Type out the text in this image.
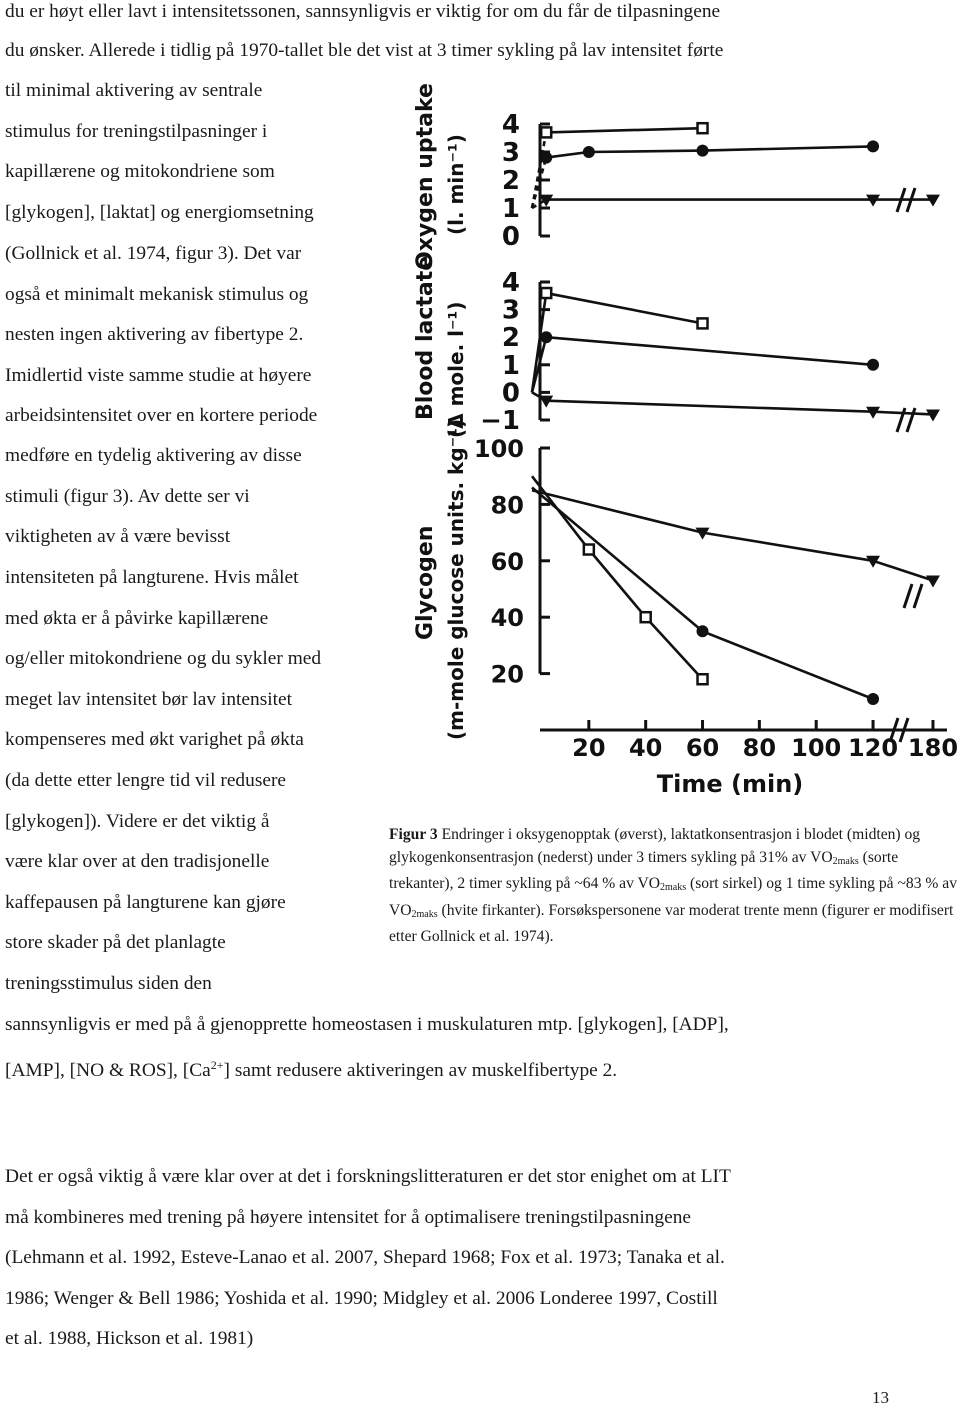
du er høyt eller lavt i intensitetssonen, sannsynligvis er viktig for om du får de tilpasningene
du ønsker. Allerede i tidlig på 1970-tallet ble det vist at 3 timer sykling på lav intensitet førte
til minimal aktivering av sentrale
stimulus for treningstilpasninger i
kapillærene og mitokondriene som
[glykogen], [laktat] og energiomsetning
(Gollnick et al. 1974, figur 3). Det var
også et minimalt mekanisk stimulus og
nesten ingen aktivering av fibertype 2.
Imidlertid viste samme studie at høyere
arbeidsintensitet over en kortere periode
medføre en tydelig aktivering av disse
stimuli (figur 3). Av dette ser vi
viktigheten av å være bevisst
intensiteten på langturene. Hvis målet
med økta er å påvirke kapillærene
og/eller mitokondriene og du sykler med
meget lav intensitet bør lav intensitet
kompenseres med økt varighet på økta
(da dette etter lengre tid vil redusere
[glykogen]). Videre er det viktig å
være klar over at den tradisjonelle
kaffepausen på langturene kan gjøre
store skader på det planlagte
treningsstimulus siden den
sannsynligvis er med på å gjenopprette homeostasen i muskulaturen mtp. [glykogen], [ADP],
[AMP], [NO & ROS], $[Ca^{2+}]$ samt redusere aktiveringen av muskelfibertype 2.
Det er også viktig å være klar over at det i forskningslitteraturen er det stor enighet om at LIT
må kombineres med trening på høyere intensitet for å optimalisere treningstilpasningene
(Lehmann et al. 1992, Esteve-Lanao et al. 2007, Shepard 1968; Fox et al. 1973; Tanaka et al.
1986; Wenger & Bell 1986; Yoshida et al. 1990; Midgley et al. 2006 Londeree 1997, Costill
et al. 1988, Hickson et al. 1981)
Oxygen uptake (l. min⁻¹)
Blood lactate (Δ mole. l⁻¹)
Glycogen (m-mole glucose units. kg⁻¹)
Time (min)
4
3
2
1
0
4
3
2
1
0
−1
100
80
60
40
20
20 40 60 80 100 120 180
Figur 3 Endringer i oksygenopptak (øverst), laktatkonsentrasjon i blodet (midten) og glykogenkonsentrasjon (nederst) under 3 timers sykling på 31% av $VO_{2maks}$ (sorte trekanter), 2 timer sykling på ~64 % av $VO_{2maks}$ (sort sirkel) og 1 time sykling på ~83 % av $VO_{2maks}$ (hvite firkanter). Forsøkspersonene var moderat trente menn (figurer er modifisert etter Gollnick et al. 1974).
13
